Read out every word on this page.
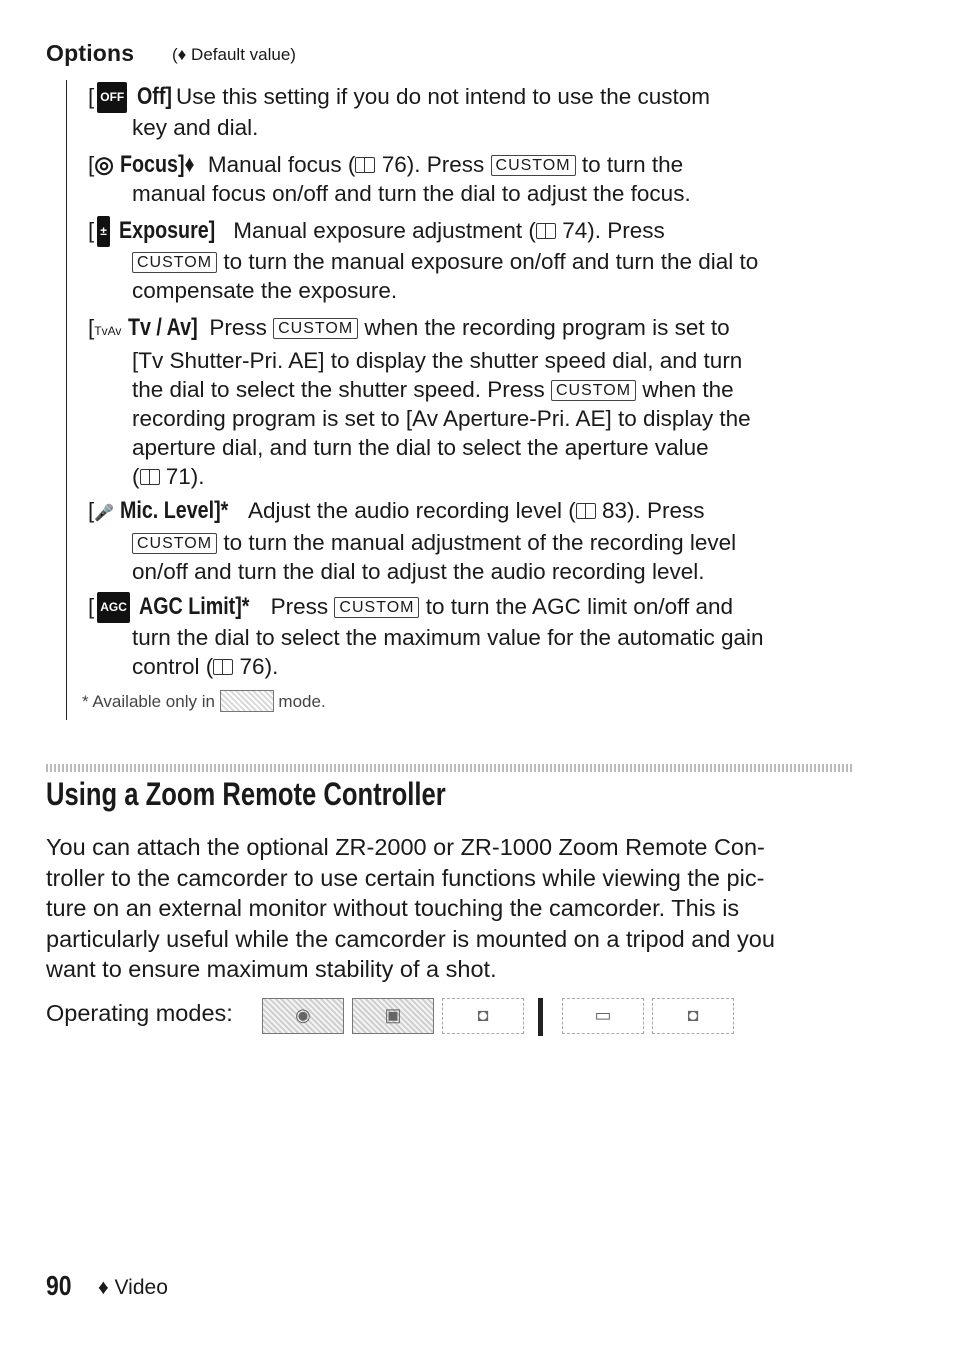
Options (♦ Default value)
[ OFF Off] Use this setting if you do not intend to use the custom
key and dial.
[◎ Focus]♦ Manual focus ( 76). Press CUSTOM to turn the
manual focus on/off and turn the dial to adjust the focus.
[ ± Exposure] Manual exposure adjustment ( 74). Press
CUSTOM to turn the manual exposure on/off and turn the dial to
compensate the exposure.
[TvAv Tv / Av] Press CUSTOM when the recording program is set to
[Tv Shutter-Pri. AE] to display the shutter speed dial, and turn
the dial to select the shutter speed. Press CUSTOM when the
recording program is set to [Av Aperture-Pri. AE] to display the
aperture dial, and turn the dial to select the aperture value
( 71).
[🎤 Mic. Level]* Adjust the audio recording level ( 83). Press
CUSTOM to turn the manual adjustment of the recording level
on/off and turn the dial to adjust the audio recording level.
[ AGC AGC Limit]* Press CUSTOM to turn the AGC limit on/off and
turn the dial to select the maximum value for the automatic gain
control ( 76).
* Available only in	mode.
Using a Zoom Remote Controller
You can attach the optional ZR-2000 or ZR-1000 Zoom Remote Con-
troller to the camcorder to use certain functions while viewing the pic-
ture on an external monitor without touching the camcorder. This is
particularly useful while the camcorder is mounted on a tripod and you
want to ensure maximum stability of a shot.
Operating modes:	◉	▣	◘	▭	◘
90 ♦ Video
